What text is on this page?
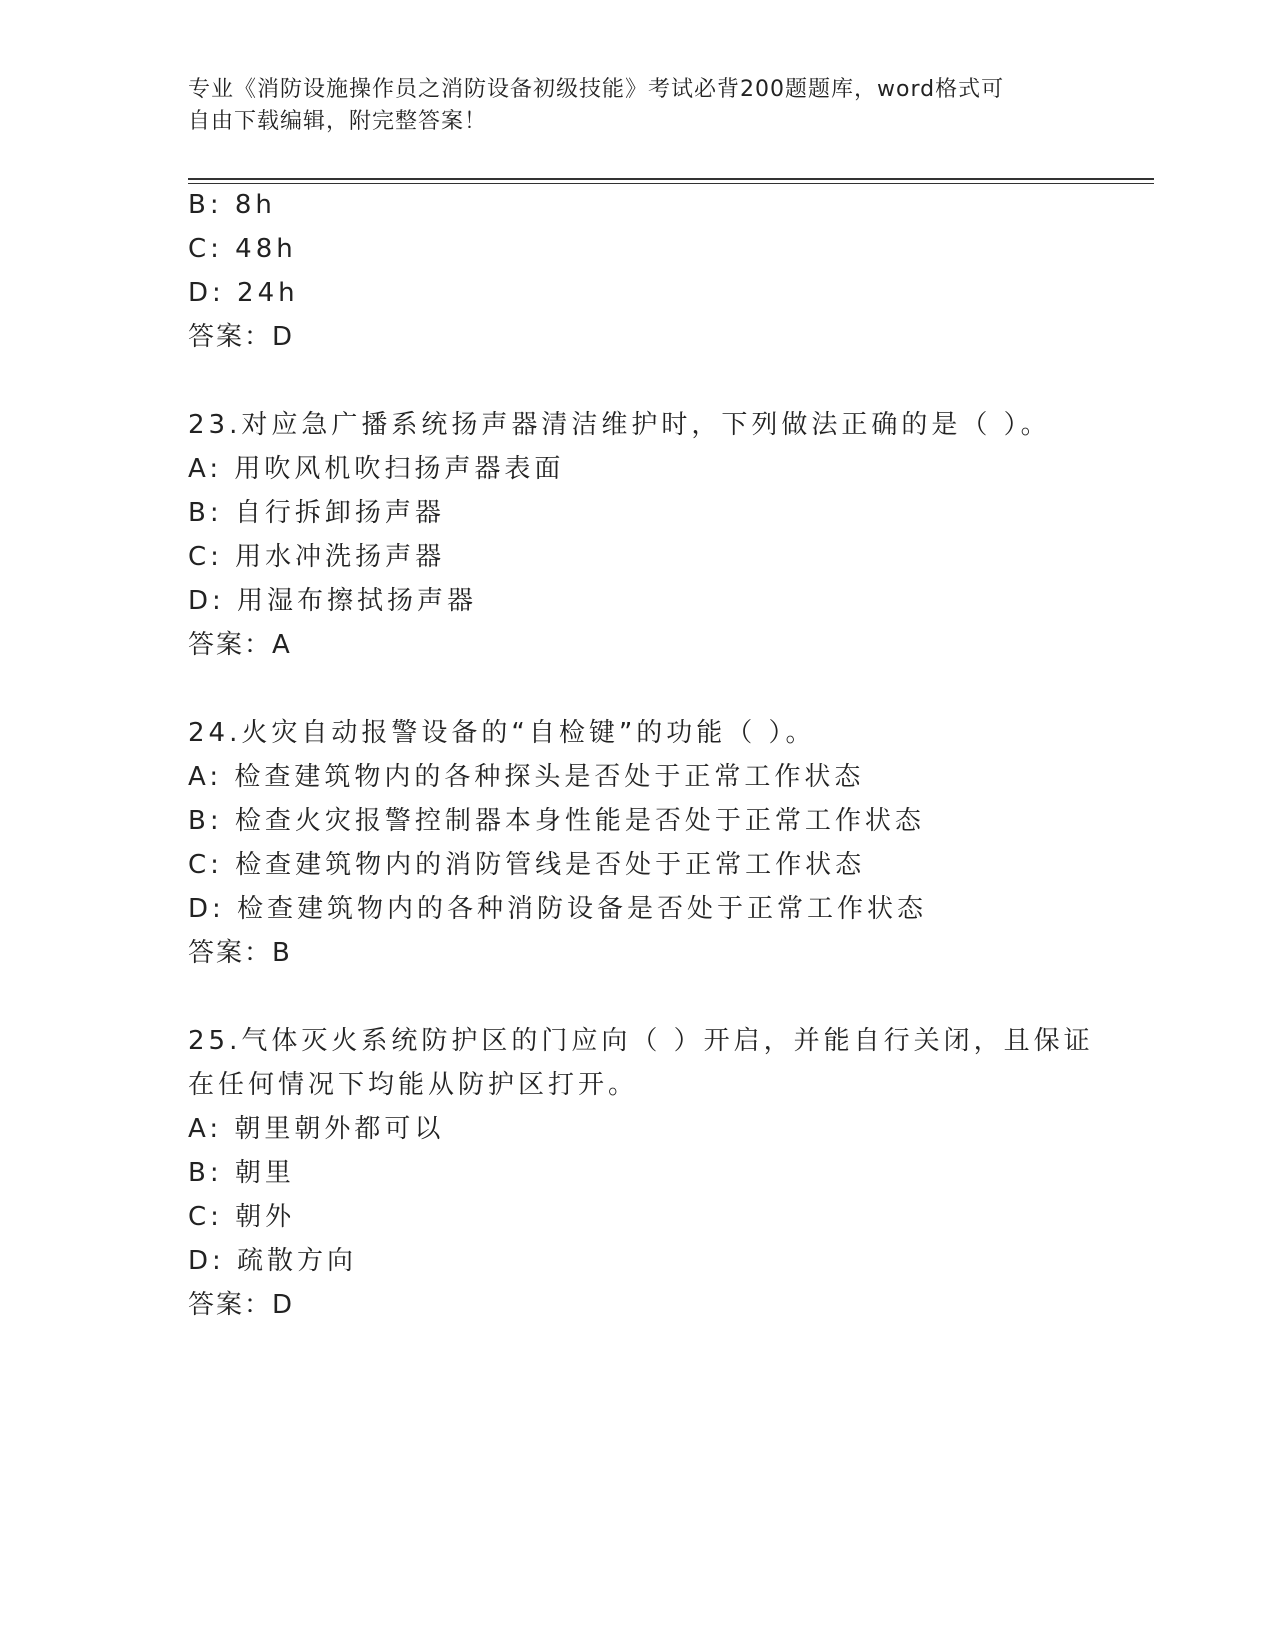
专业《消防设施操作员之消防设备初级技能》考试必背200题题库，word格式可

自由下载编辑，附完整答案！

B: 8h
C: 48h
D: 24h
答案：D
23.对应急广播系统扬声器清洁维护时，下列做法正确的是（ ）。
A: 用吹风机吹扫扬声器表面
B: 自行拆卸扬声器
C: 用水冲洗扬声器
D: 用湿布擦拭扬声器
答案：A
24.火灾自动报警设备的“自检键”的功能（ ）。
A: 检查建筑物内的各种探头是否处于正常工作状态
B: 检查火灾报警控制器本身性能是否处于正常工作状态
C: 检查建筑物内的消防管线是否处于正常工作状态
D: 检查建筑物内的各种消防设备是否处于正常工作状态
答案：B
25.气体灭火系统防护区的门应向（ ）开启，并能自行关闭，且保证
在任何情况下均能从防护区打开。
A: 朝里朝外都可以
B: 朝里
C: 朝外
D: 疏散方向
答案：D
